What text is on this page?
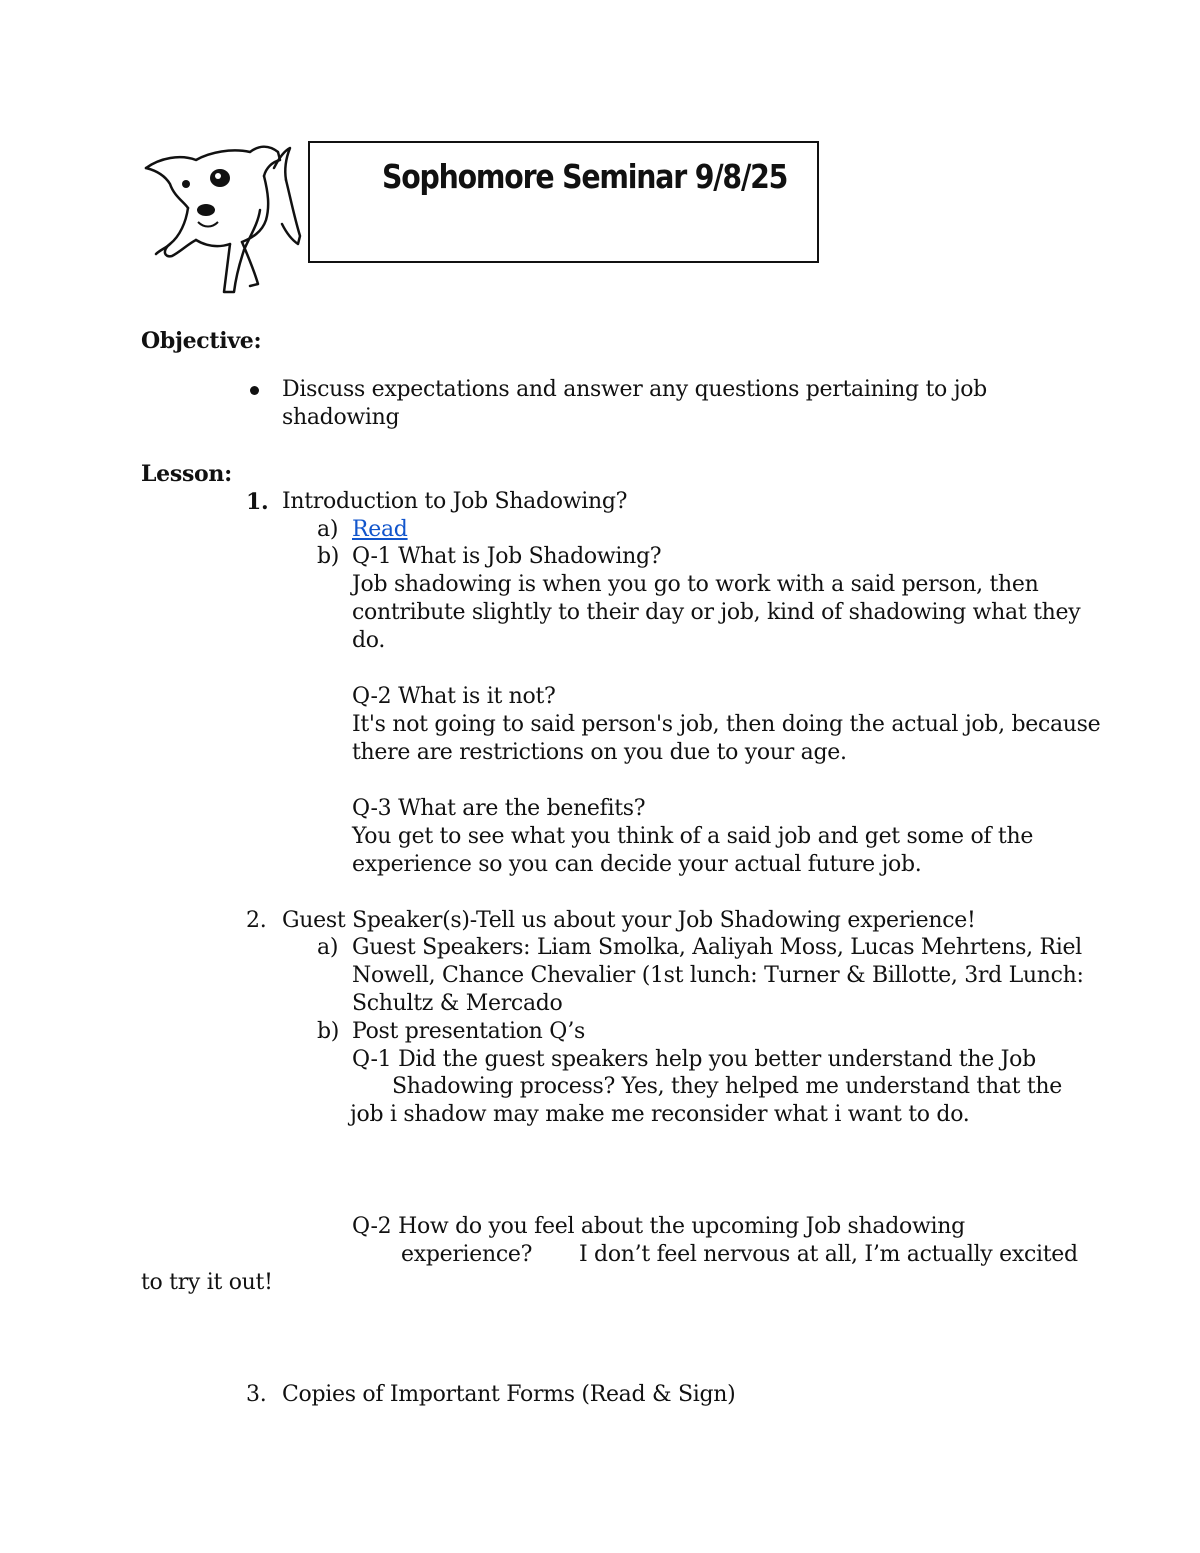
Sophomore Seminar 9/8/25
Objective:
Discuss expectations and answer any questions pertaining to job
shadowing
Lesson:
1. Introduction to Job Shadowing?
a) Read
b) Q-1 What is Job Shadowing?
Job shadowing is when you go to work with a said person, then
contribute slightly to their day or job, kind of shadowing what they
do.
Q-2 What is it not?
It's not going to said person's job, then doing the actual job, because
there are restrictions on you due to your age.
Q-3 What are the benefits?
You get to see what you think of a said job and get some of the
experience so you can decide your actual future job.
2. Guest Speaker(s)-Tell us about your Job Shadowing experience!
a) Guest Speakers: Liam Smolka, Aaliyah Moss, Lucas Mehrtens, Riel
Nowell, Chance Chevalier (1st lunch: Turner & Billotte, 3rd Lunch:
Schultz & Mercado
b) Post presentation Q’s
Q-1 Did the guest speakers help you better understand the Job
Shadowing process? Yes, they helped me understand that the
job i shadow may make me reconsider what i want to do.
Q-2 How do you feel about the upcoming Job shadowing
experience?       I don’t feel nervous at all, I’m actually excited
to try it out!
3. Copies of Important Forms (Read & Sign)
